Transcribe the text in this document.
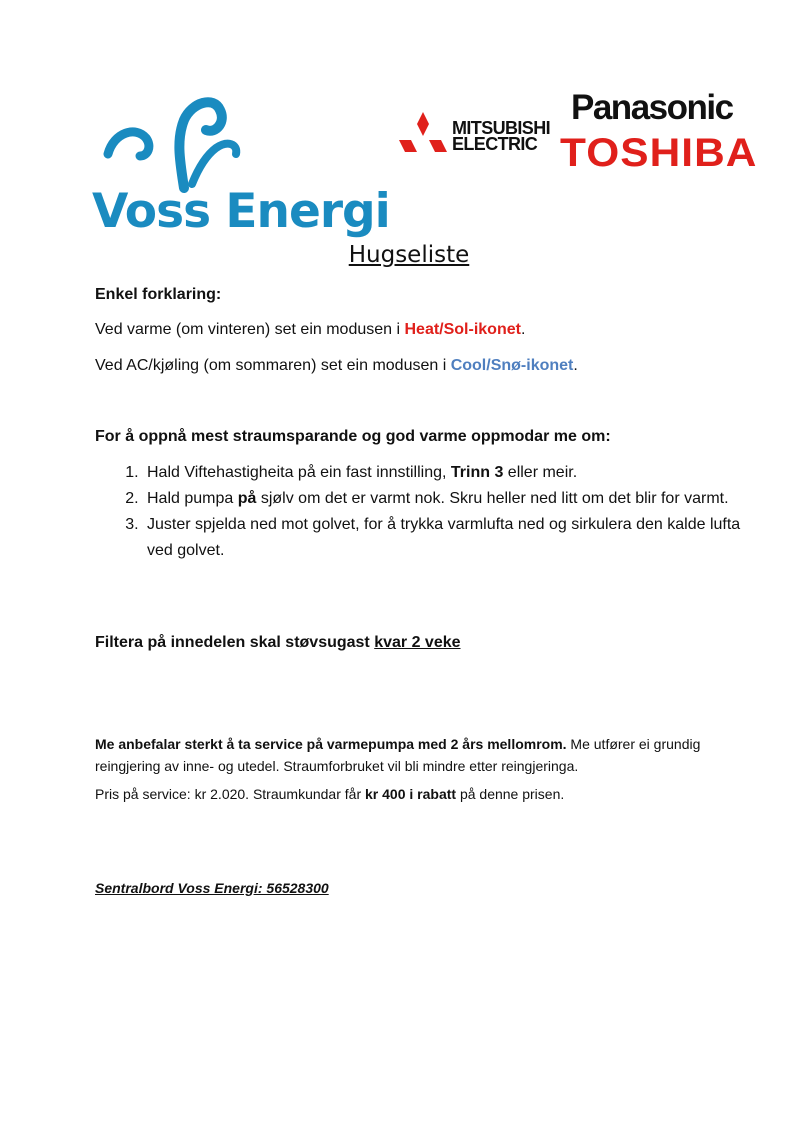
Voss Energi
MITSUBISHI
ELECTRIC
Panasonic
TOSHIBA
Hugseliste
Enkel forklaring:
Ved varme (om vinteren) set ein modusen i Heat/Sol-ikonet.
Ved AC/kjøling (om sommaren) set ein modusen i Cool/Snø-ikonet.
For å oppnå mest straumsparande og god varme oppmodar me om:
1. Hald Viftehastigheita på ein fast innstilling, Trinn 3 eller meir.
2. Hald pumpa på sjølv om det er varmt nok. Skru heller ned litt om det blir for varmt.
3. Juster spjelda ned mot golvet, for å trykka varmlufta ned og sirkulera den kalde lufta ved golvet.
Filtera på innedelen skal støvsugast kvar 2 veke
Me anbefalar sterkt å ta service på varmepumpa med 2 års mellomrom. Me utfører ei grundig reingjering av inne- og utedel. Straumforbruket vil bli mindre etter reingjeringa.
Pris på service: kr 2.020. Straumkundar får kr 400 i rabatt på denne prisen.
Sentralbord Voss Energi: 56528300
